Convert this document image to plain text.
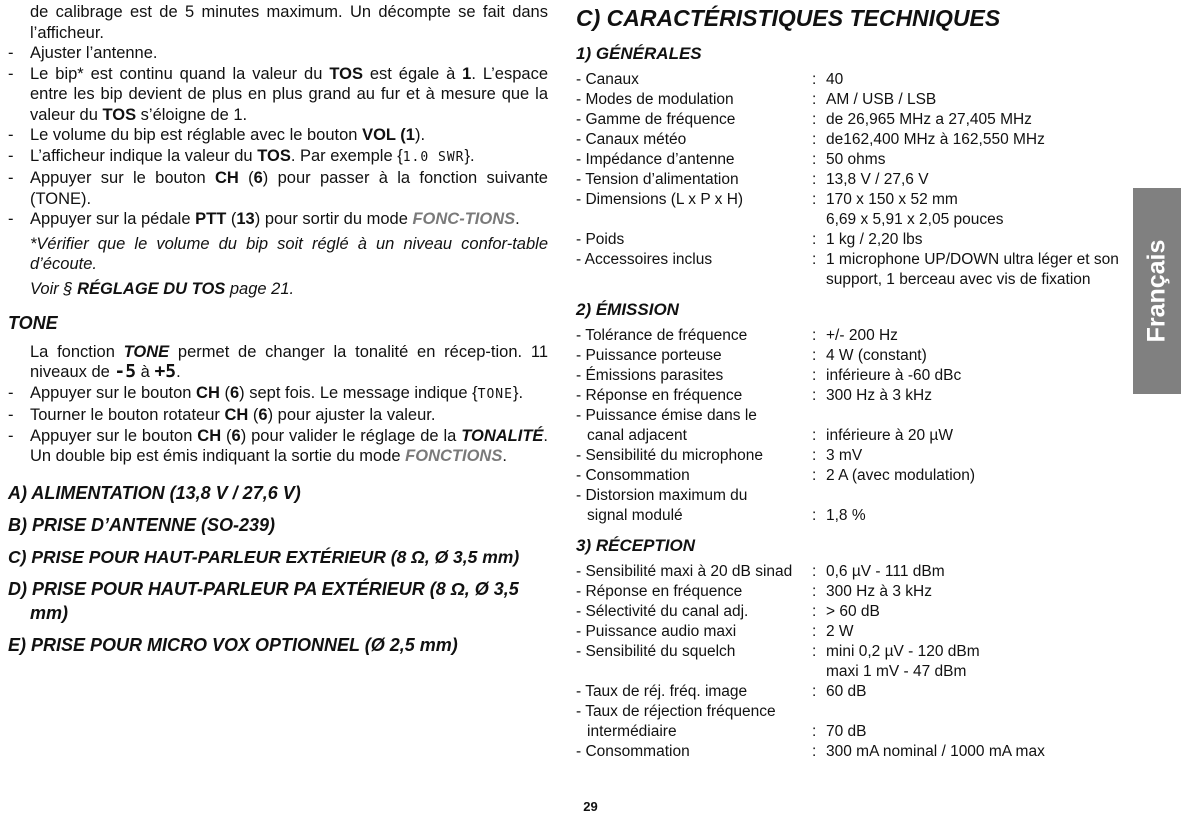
de calibrage est de 5 minutes maximum. Un décompte se fait dans l’afficheur.

- Ajuster l’antenne.

- Le bip* est continu quand la valeur du TOS est égale à 1. L’espace entre les bip devient de plus en plus grand au fur et à mesure que la valeur du TOS s’éloigne de 1.

- Le volume du bip est réglable avec le bouton VOL (1).

- L’afficheur indique la valeur du TOS. Par exemple {1.0 SWR}.

- Appuyer sur le bouton CH (6) pour passer à la fonction suivante (TONE).

- Appuyer sur la pédale PTT (13) pour sortir du mode FONC-TIONS.

*Vérifier que le volume du bip soit réglé à un niveau confor-table d’écoute.

Voir § RÉGLAGE DU TOS page 21.

TONE

La fonction TONE permet de changer la tonalité en récep-tion. 11 niveaux de -5 à +5.

- Appuyer sur le bouton CH (6) sept fois. Le message indique {TONE}.

- Tourner le bouton rotateur CH (6) pour ajuster la valeur.

- Appuyer sur le bouton CH (6) pour valider le réglage de la TONALITÉ. Un double bip est émis indiquant la sortie du mode FONCTIONS.

A) ALIMENTATION (13,8 V / 27,6 V)
B) PRISE D’ANTENNE (SO-239)
C) PRISE POUR HAUT-PARLEUR EXTÉRIEUR (8 Ω, Ø 3,5 mm)
D) PRISE POUR HAUT-PARLEUR PA EXTÉRIEUR (8 Ω, Ø 3,5
mm)
E) PRISE POUR MICRO VOX OPTIONNEL (Ø 2,5 mm)
C) CARACTÉRISTIQUES TECHNIQUES
1) GÉNÉRALES
- Canaux	:	40
- Modes de modulation	:	AM / USB / LSB
- Gamme de fréquence	:	de 26,965 MHz a 27,405 MHz
- Canaux météo	:	de162,400 MHz à 162,550 MHz
- Impédance d’antenne	:	50 ohms
- Tension d’alimentation	:	13,8 V / 27,6 V
- Dimensions (L x P x H)	:	170 x 150 x 52 mm
6,69 x 5,91 x 2,05 pouces
- Poids	:	1 kg / 2,20 lbs
- Accessoires inclus	:	1 microphone UP/DOWN ultra léger et son support, 1 berceau avec vis de fixation
2) ÉMISSION
- Tolérance de fréquence	:	+/- 200 Hz
- Puissance porteuse	:	4 W (constant)
- Émissions parasites	:	inférieure à -60 dBc
- Réponse en fréquence	:	300 Hz à 3 kHz
- Puissance émise dans le
canal adjacent	:	inférieure à 20 µW
- Sensibilité du microphone	:	3 mV
- Consommation	:	2 A (avec modulation)
- Distorsion maximum du
signal modulé	:	1,8 %
3) RÉCEPTION
- Sensibilité maxi à 20 dB sinad	:	0,6 µV - 111 dBm
- Réponse en fréquence	:	300 Hz à 3 kHz
- Sélectivité du canal adj.	:	> 60 dB
- Puissance audio maxi	:	2 W
- Sensibilité du squelch	:	mini 0,2 µV - 120 dBm
maxi 1 mV - 47 dBm
- Taux de réj. fréq. image	:	60 dB
- Taux de réjection fréquence
intermédiaire	:	70 dB
- Consommation	:	300 mA nominal / 1000 mA max
Français
29
